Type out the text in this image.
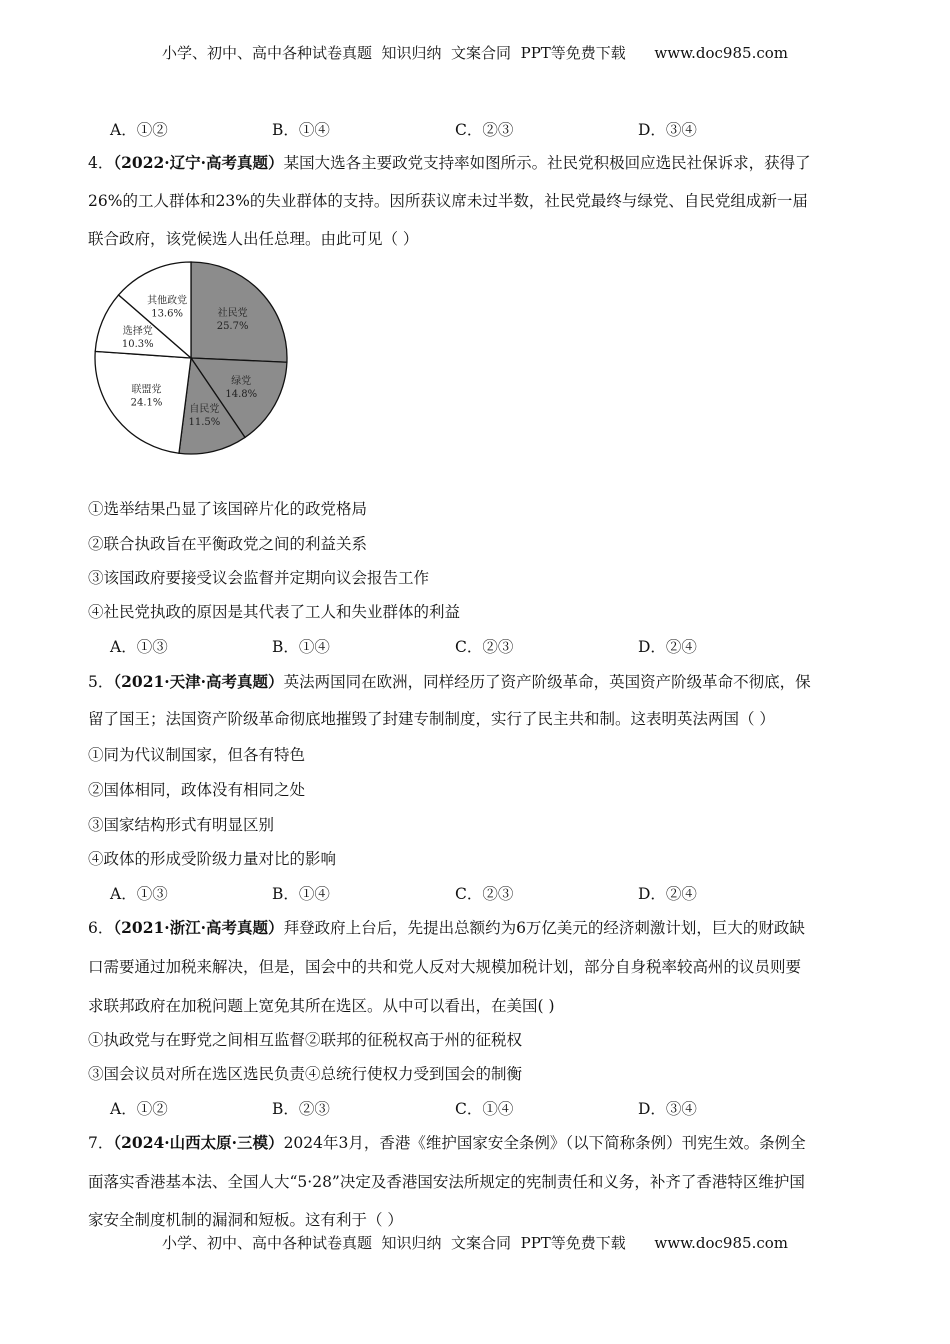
小学、初中、高中各种试卷真题  知识归纳  文案合同  PPT等免费下载      www.doc985.com
A．①②	B．①④	C．②③	D．③④
4．（2022·辽宁·高考真题）某国大选各主要政党支持率如图所示。社民党积极回应选民社保诉求，获得了
26%的工人群体和23%的失业群体的支持。因所获议席未过半数，社民党最终与绿党、自民党组成新一届
联合政府，该党候选人出任总理。由此可见（ ）
社民党
25.7%
绿党
14.8%
自民党
11.5%
联盟党
24.1%
选择党
10.3%
其他政党
13.6%
①选举结果凸显了该国碎片化的政党格局
②联合执政旨在平衡政党之间的利益关系
③该国政府要接受议会监督并定期向议会报告工作
④社民党执政的原因是其代表了工人和失业群体的利益
A．①③	B．①④	C．②③	D．②④
5．（2021·天津·高考真题）英法两国同在欧洲，同样经历了资产阶级革命，英国资产阶级革命不彻底，保
留了国王；法国资产阶级革命彻底地摧毁了封建专制制度，实行了民主共和制。这表明英法两国（ ）
①同为代议制国家，但各有特色
②国体相同，政体没有相同之处
③国家结构形式有明显区别
④政体的形成受阶级力量对比的影响
A．①③	B．①④	C．②③	D．②④
6．（2021·浙江·高考真题）拜登政府上台后，先提出总额约为6万亿美元的经济刺激计划，巨大的财政缺
口需要通过加税来解决，但是，国会中的共和党人反对大规模加税计划，部分自身税率较高州的议员则要
求联邦政府在加税问题上宽免其所在选区。从中可以看出，在美国( )
①执政党与在野党之间相互监督②联邦的征税权高于州的征税权
③国会议员对所在选区选民负责④总统行使权力受到国会的制衡
A．①②	B．②③	C．①④	D．③④
7．（2024·山西太原·三模）2024年3月，香港《维护国家安全条例》（以下简称条例）刊宪生效。条例全
面落实香港基本法、全国人大“5·28”决定及香港国安法所规定的宪制责任和义务，补齐了香港特区维护国
家安全制度机制的漏洞和短板。这有利于（ ）
小学、初中、高中各种试卷真题  知识归纳  文案合同  PPT等免费下载      www.doc985.com
